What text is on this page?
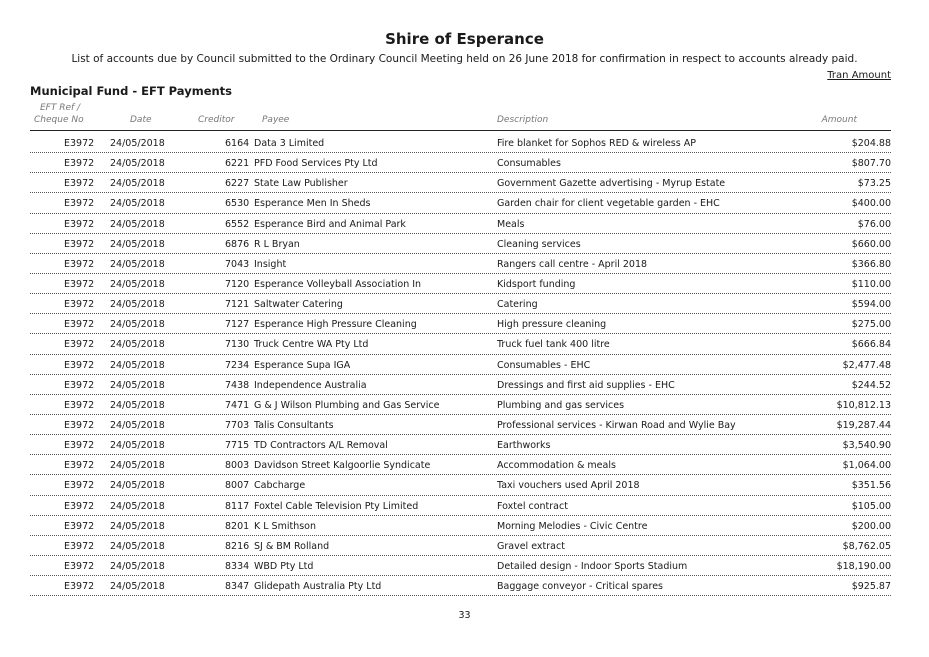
Shire of Esperance
List of accounts due by Council submitted to the Ordinary Council Meeting held on 26 June 2018 for confirmation in respect to accounts already paid.
Tran Amount
Municipal Fund - EFT Payments
EFT Ref /
Cheque No	Date	Creditor	Payee	Description	Amount
E3972 24/05/2018	6164 Data 3 Limited	Fire blanket for Sophos RED & wireless AP	$204.88
E3972 24/05/2018	6221 PFD Food Services Pty Ltd	Consumables	$807.70
E3972 24/05/2018	6227 State Law Publisher	Government Gazette advertising - Myrup Estate	$73.25
E3972 24/05/2018	6530 Esperance Men In Sheds	Garden chair for client vegetable garden - EHC	$400.00
E3972 24/05/2018	6552 Esperance Bird and Animal Park	Meals	$76.00
E3972 24/05/2018	6876 R L Bryan	Cleaning services	$660.00
E3972 24/05/2018	7043 Insight	Rangers call centre - April 2018	$366.80
E3972 24/05/2018	7120 Esperance Volleyball Association In	Kidsport funding	$110.00
E3972 24/05/2018	7121 Saltwater Catering	Catering	$594.00
E3972 24/05/2018	7127 Esperance High Pressure Cleaning	High pressure cleaning	$275.00
E3972 24/05/2018	7130 Truck Centre WA Pty Ltd	Truck fuel tank 400 litre	$666.84
E3972 24/05/2018	7234 Esperance Supa IGA	Consumables - EHC	$2,477.48
E3972 24/05/2018	7438 Independence Australia	Dressings and first aid supplies - EHC	$244.52
E3972 24/05/2018	7471 G & J Wilson Plumbing and Gas Service	Plumbing and gas services	$10,812.13
E3972 24/05/2018	7703 Talis Consultants	Professional services - Kirwan Road and Wylie Bay	$19,287.44
E3972 24/05/2018	7715 TD Contractors A/L Removal	Earthworks	$3,540.90
E3972 24/05/2018	8003 Davidson Street Kalgoorlie Syndicate	Accommodation & meals	$1,064.00
E3972 24/05/2018	8007 Cabcharge	Taxi vouchers used April 2018	$351.56
E3972 24/05/2018	8117 Foxtel Cable Television Pty Limited	Foxtel contract	$105.00
E3972 24/05/2018	8201 K L Smithson	Morning Melodies - Civic Centre	$200.00
E3972 24/05/2018	8216 SJ & BM Rolland	Gravel extract	$8,762.05
E3972 24/05/2018	8334 WBD Pty Ltd	Detailed design - Indoor Sports Stadium	$18,190.00
E3972 24/05/2018	8347 Glidepath Australia Pty Ltd	Baggage conveyor - Critical spares	$925.87
33
